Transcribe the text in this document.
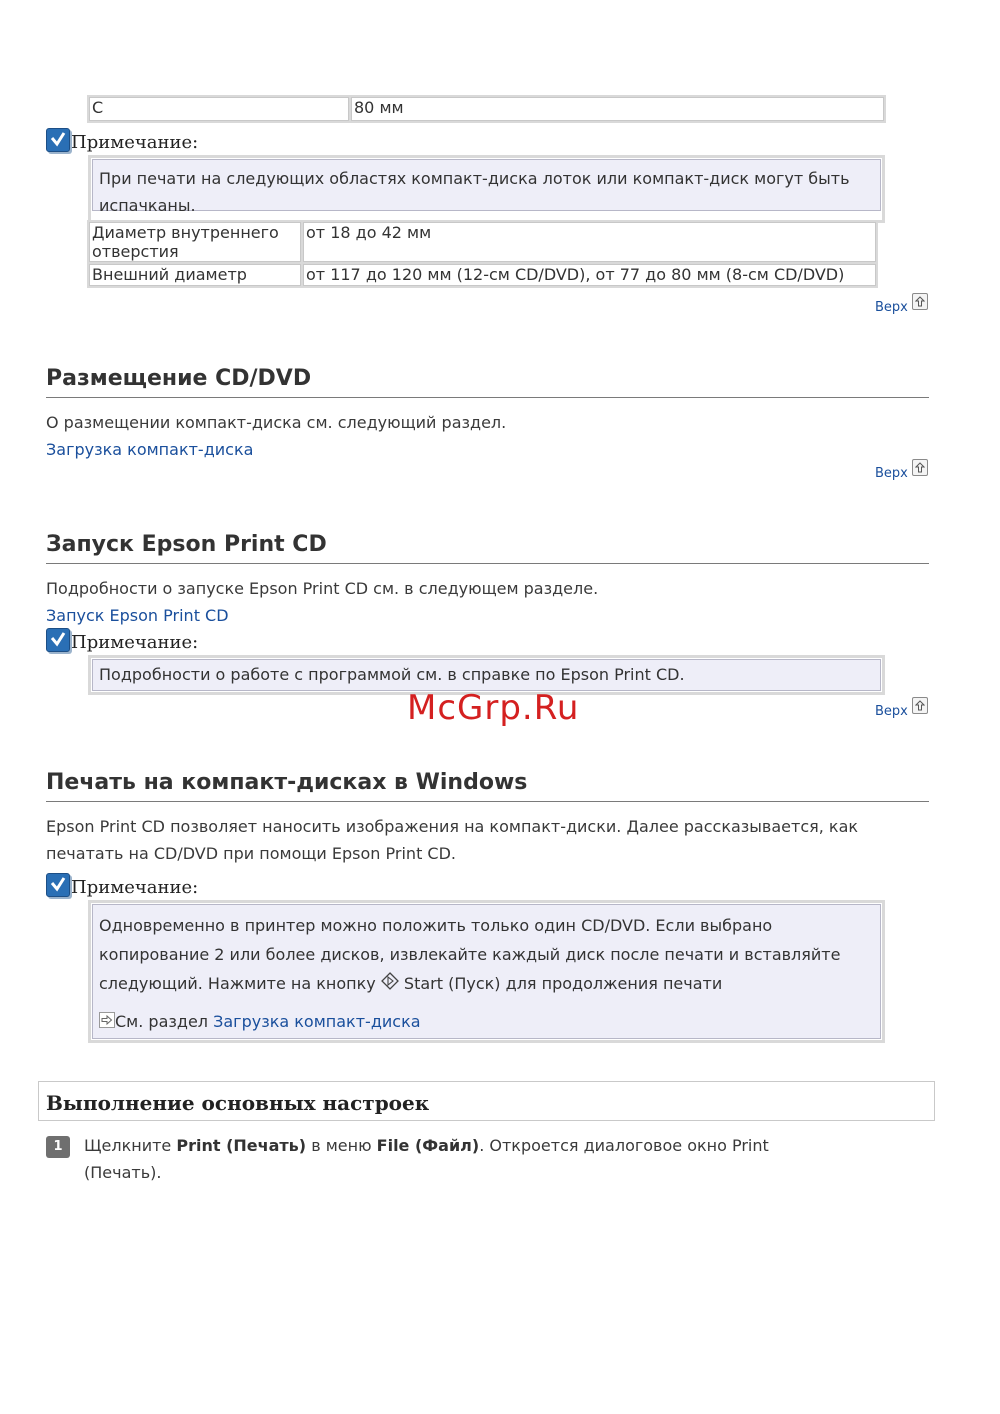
C	80 мм
Примечание:
При печати на следующих областях компакт-диска лоток или компакт-диск могут быть испачканы.
Диаметр внутреннего отверстия	от 18 до 42 мм
Внешний диаметр	от 117 до 120 мм (12-см CD/DVD), от 77 до 80 мм (8-см CD/DVD)
Верх
Размещение CD/DVD
О размещении компакт-диска см. следующий раздел.
Загрузка компакт-диска
Верх
Запуск Epson Print CD
Подробности о запуске Epson Print CD см. в следующем разделе.
Запуск Epson Print CD
Примечание:
Подробности о работе с программой см. в справке по Epson Print CD.
McGrp.Ru	Верх
Печать на компакт-дисках в Windows
Epson Print CD позволяет наносить изображения на компакт-диски. Далее рассказывается, как печатать на CD/DVD при помощи Epson Print CD.
Примечание:
Одновременно в принтер можно положить только один CD/DVD. Если выбрано копирование 2 или более дисков, извлекайте каждый диск после печати и вставляйте следующий. Нажмите на кнопку Start (Пуск) для продолжения печати
См. раздел Загрузка компакт-диска
Выполнение основных настроек
1	Щелкните Print (Печать) в меню File (Файл). Откроется диалоговое окно Print (Печать).
